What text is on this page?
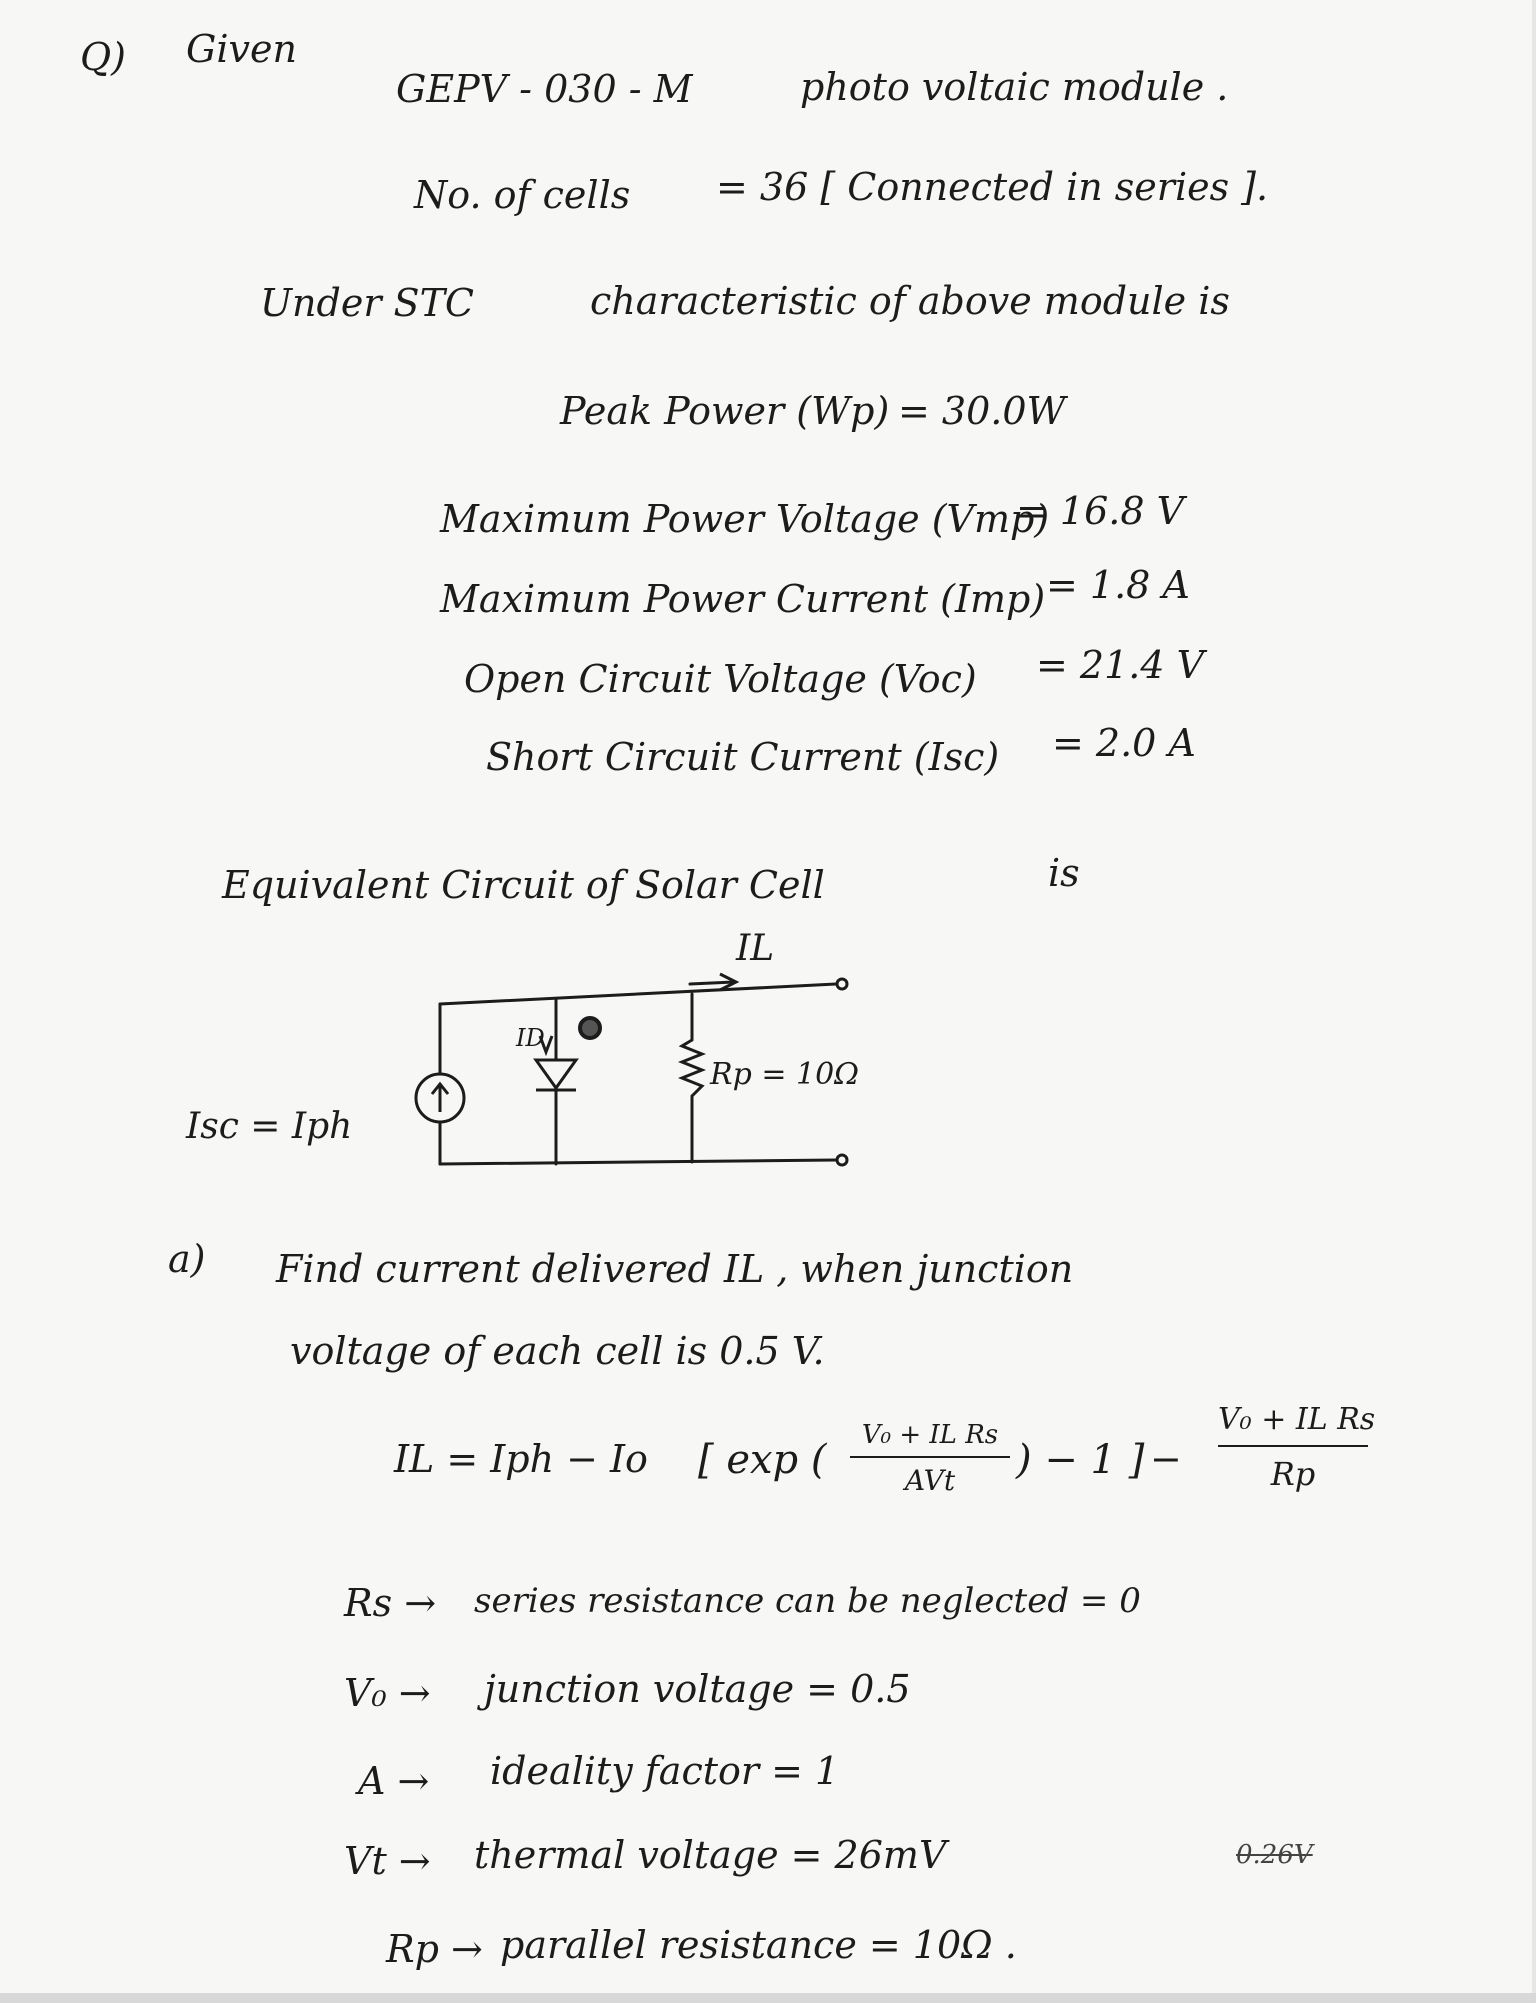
Q) Given
GEPV - 030 - M	photo voltaic module .
No. of cells = 36 [ Connected in series ].
Under STC	characteristic of above module is
Peak Power (Wp) = 30.0W
Maximum Power Voltage (Vmp)
= 16.8 V
Maximum Power Current (Imp) = 1.8 A
Open Circuit Voltage (Voc) = 21.4 V
Short Circuit Current (Isc) = 2.0 A
Equivalent Circuit of Solar Cell	is
IL
ID
Isc = Iph
Rp = 10Ω
a) Find current delivered IL , when junction
voltage of each cell is 0.5 V.
IL = Iph − Io [ exp (
V₀ + IL Rs
AVt	) − 1 ] −
V₀ + IL Rs
Rp
Rs → series resistance can be neglected = 0
V₀ → junction voltage = 0.5
A → ideality factor = 1
Vt → thermal voltage = 26mV	0.26V
Rp → parallel resistance = 10Ω .
